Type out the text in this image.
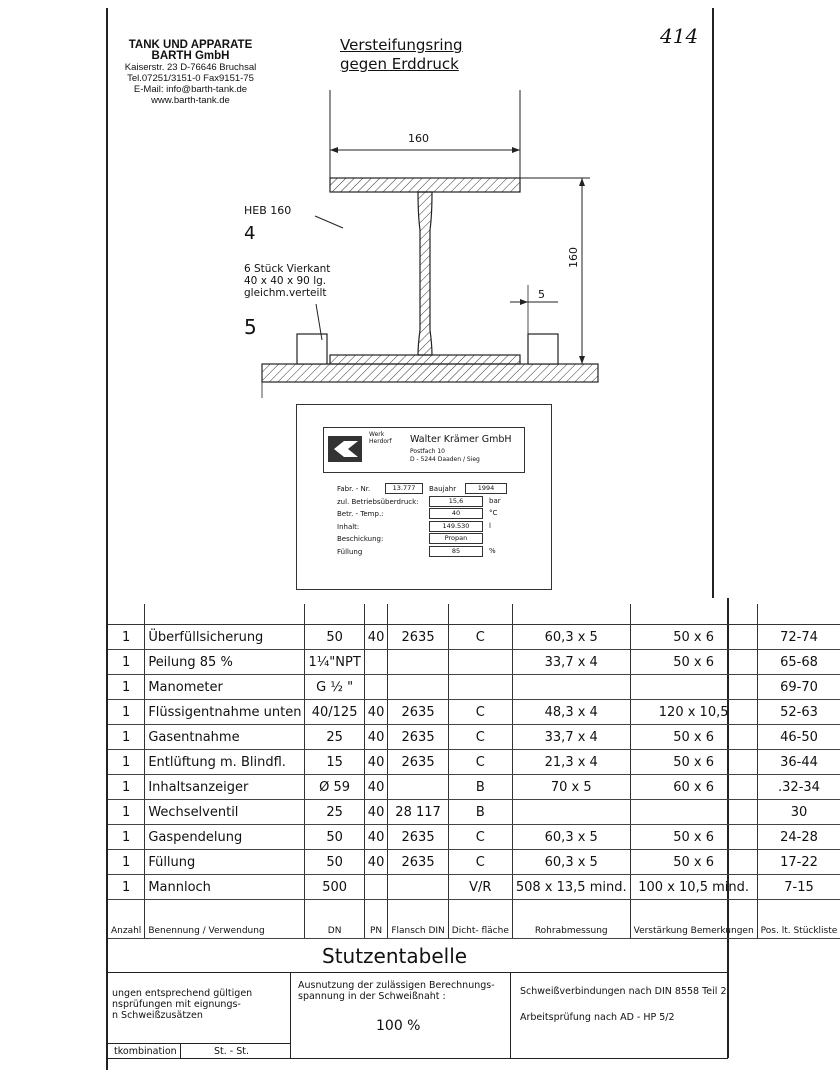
TANK UND APPARATE
BARTH GmbH
Kaiserstr. 23 D-76646 Bruchsal
Tel.07251/3151-0 Fax9151-75
E-Mail: info@barth-tank.de
www.barth-tank.de
Versteifungsring
gegen Erddruck
414
160
160
5
HEB 160
4
6 Stück Vierkant
40 x 40 x 90 lg.
gleichm.verteilt
5
Werk
Herdorf Walter Krämer GmbH
Postfach 10
D - 5244 Daaden / Sieg
Fabr. - Nr.	13.777	Baujahr	1994
zul. Betriebsüberdruck:	15,6	bar
Betr. - Temp.:	40	°C
Inhalt:	149.530	l
Beschickung:	Propan
Füllung	85	%

1	Überfüllsicherung	50	40	2635	C	60,3 x 5	50 x 6	72-74
1	Peilung 85 %	1¼"NPT				33,7 x 4	50 x 6	65-68
1	Manometer	G ½ "						69-70
1	Flüssigentnahme unten	40/125	40	2635	C	48,3 x 4	120 x 10,5	52-63
1	Gasentnahme	25	40	2635	C	33,7 x 4	50 x 6	46-50
1	Entlüftung m. Blindfl.	15	40	2635	C	21,3 x 4	50 x 6	36-44
1	Inhaltsanzeiger	Ø 59	40		B	70 x 5	60 x 6	.32-34
1	Wechselventil	25	40	28 117	B			30
1	Gaspendelung	50	40	2635	C	60,3 x 5	50 x 6	24-28
1	Füllung	50	40	2635	C	60,3 x 5	50 x 6	17-22
1	Mannloch	500			V/R	508 x 13,5 mind.	100 x 10,5 mind.	7-15
Anzahl	Benennung / Verwendung	DN	PN	Flansch DIN	Dicht- fläche	Rohrabmessung	Verstärkung Bemerkungen	Pos. lt. Stückliste
Stutzentabelle
ungen entsprechend gültigen
nsprüfungen mit eignungs-
n Schweißzusätzen
Ausnutzung der zulässigen Berechnungs-
spannung in der Schweißnaht :
100 %
Schweißverbindungen nach DIN 8558 Teil 2
Arbeitsprüfung nach AD - HP 5/2
tkombination	St. - St.
